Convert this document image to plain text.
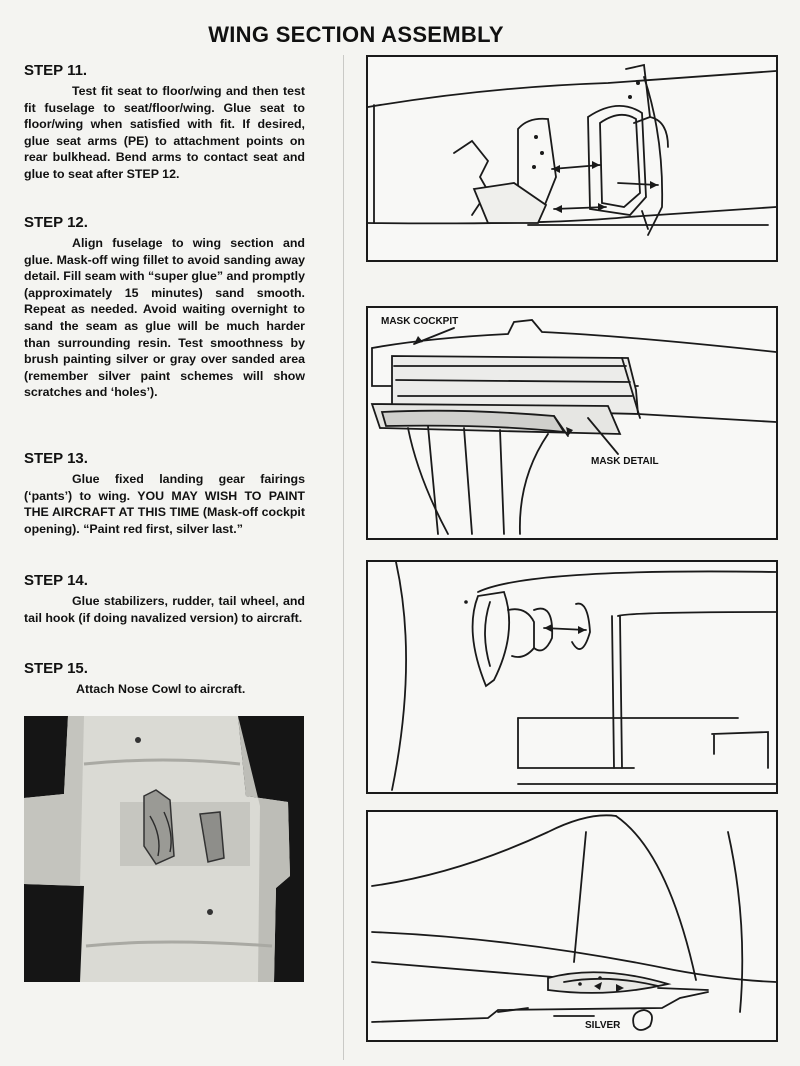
WING SECTION ASSEMBLY
STEP 11.

Test fit seat to floor/wing and then test fit fuselage to seat/floor/wing. Glue seat to floor/wing when satisfied with fit. If desired, glue seat arms (PE) to attachment points on rear bulkhead. Bend arms to contact seat and glue to seat after STEP 12.

STEP 12.

Align fuselage to wing section and glue. Mask-off wing fillet to avoid sanding away detail. Fill seam with “super glue” and promptly (approximately 15 minutes) sand smooth. Repeat as needed. Avoid waiting overnight to sand the seam as glue will be much harder than surrounding resin. Test smoothness by brush painting silver or gray over sanded area (remember silver paint schemes will show scratches and ‘holes’).

STEP 13.

Glue fixed landing gear fairings (‘pants’) to wing. YOU MAY WISH TO PAINT THE AIRCRAFT AT THIS TIME (Mask-off cockpit opening). “Paint red first, silver last.”

STEP 14.

Glue stabilizers, rudder, tail wheel, and tail hook (if doing navalized version) to aircraft.

STEP 15.

Attach Nose Cowl to aircraft.

MASK COCKPIT
MASK DETAIL
SILVER
